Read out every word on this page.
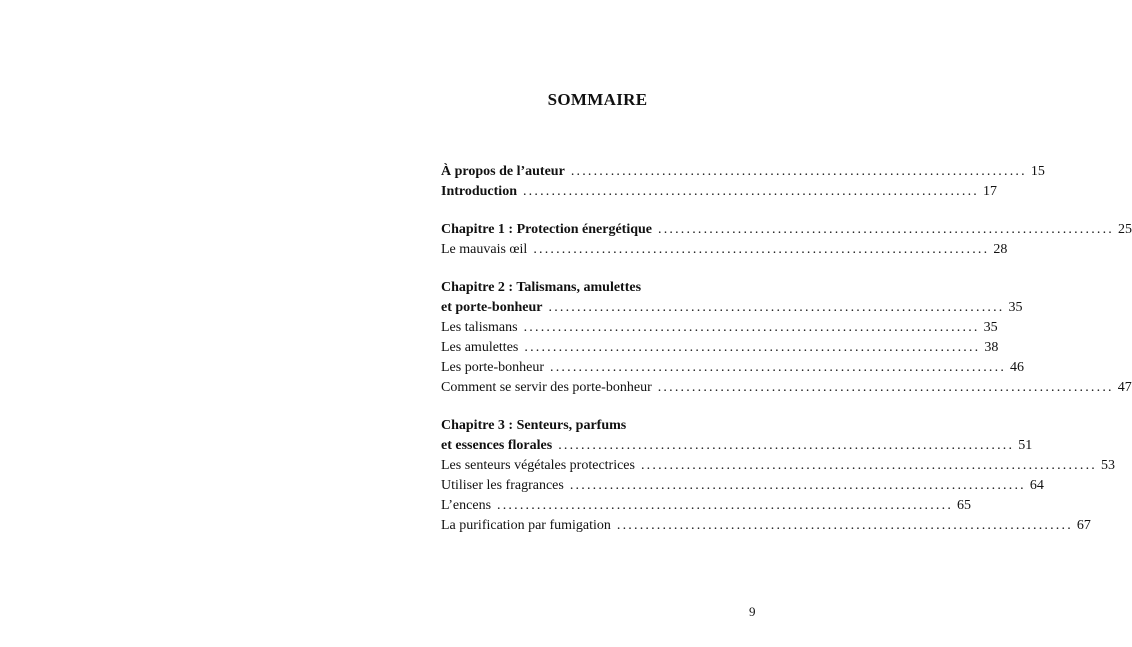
SOMMAIRE
À propos de l’auteur ................................................................................ 15
Introduction ................................................................................ 17
Chapitre 1 : Protection énergétique ................................................................................ 25
Le mauvais œil ................................................................................ 28
Chapitre 2 : Talismans, amulettes
et porte-bonheur ................................................................................ 35
Les talismans ................................................................................ 35
Les amulettes ................................................................................ 38
Les porte-bonheur ................................................................................ 46
Comment se servir des porte-bonheur ................................................................................ 47
Chapitre 3 : Senteurs, parfums
et essences florales ................................................................................ 51
Les senteurs végétales protectrices ................................................................................ 53
Utiliser les fragrances ................................................................................ 64
L’encens ................................................................................ 65
La purification par fumigation ................................................................................ 67
9
